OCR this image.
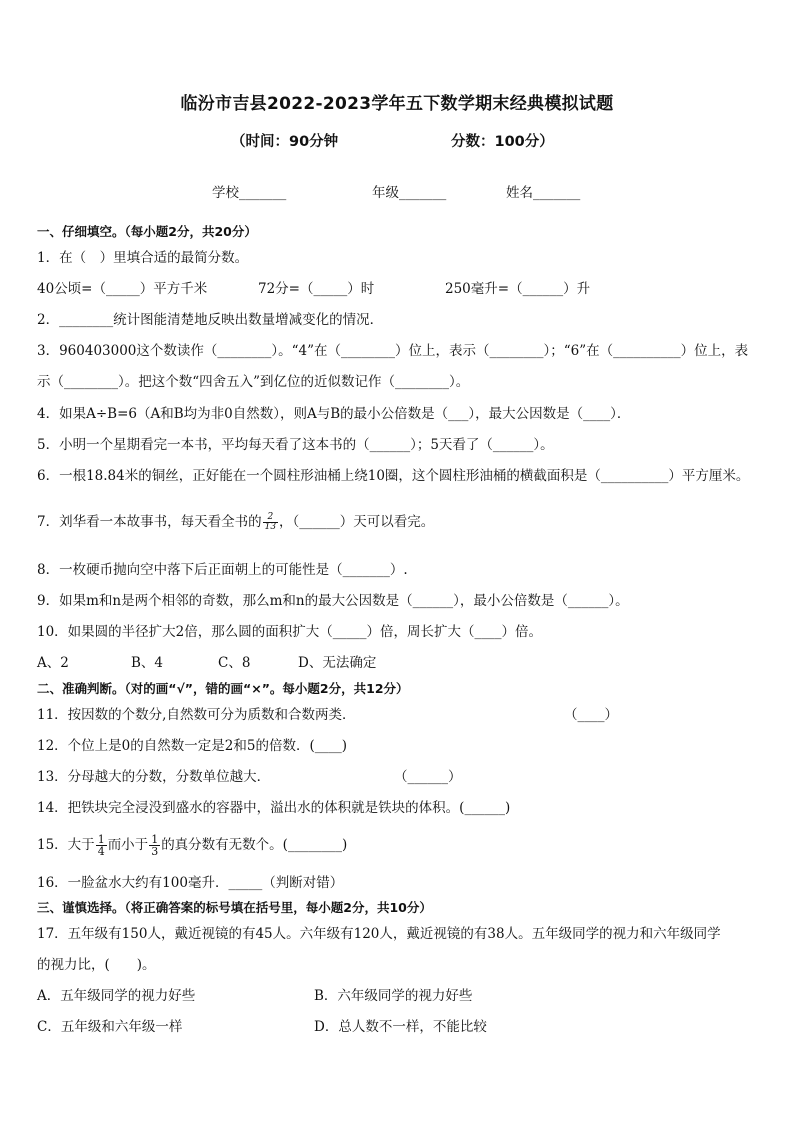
临汾市吉县2022-2023学年五下数学期末经典模拟试题
（时间：90分钟	分数：100分）
学校_______	年级_______	姓名_______
一、仔细填空。（每小题2分，共20分）
1．在（　）里填合适的最简分数。
40公顷=（_____）平方千米	72分=（_____）时	250毫升=（______）升
2．________统计图能清楚地反映出数量增减变化的情况．
3．960403000这个数读作（________）。“4”在（________）位上，表示（________）；“6”在（__________）位上，表
示（________）。把这个数“四舍五入”到亿位的近似数记作（________）。
4．如果A÷B=6（A和B均为非0自然数），则A与B的最小公倍数是（___），最大公因数是（____）．
5．小明一个星期看完一本书，平均每天看了这本书的（______）；5天看了（______）。
6．一根18.84米的铜丝，正好能在一个圆柱形油桶上绕10圈，这个圆柱形油桶的横截面积是（__________）平方厘米。
7．刘华看一本故事书，每天看全书的 $\frac{2}{13}$ ，（______）天可以看完。
8．一枚硬币抛向空中落下后正面朝上的可能性是（_______）.
9．如果m和n是两个相邻的奇数，那么m和n的最大公因数是（______），最小公倍数是（______）。
10．如果圆的半径扩大2倍，那么圆的面积扩大（_____）倍，周长扩大（____）倍。
A、2	B、4	C、8	D、无法确定
二、准确判断。（对的画“√”，错的画“×”。每小题2分，共12分）
11．按因数的个数分,自然数可分为质数和合数两类．	（____）
12．个位上是0的自然数一定是2和5的倍数．(____)
13．分母越大的分数，分数单位越大．	（______）
14．把铁块完全浸没到盛水的容器中，溢出水的体积就是铁块的体积。(______)
15．大于 $\frac{1}{4}$ 而小于 $\frac{1}{3}$ 的真分数有无数个。(________)
16．一脸盆水大约有100毫升．_____（判断对错）
三、谨慎选择。（将正确答案的标号填在括号里，每小题2分，共10分）
17．五年级有150人，戴近视镜的有45人。六年级有120人，戴近视镜的有38人。五年级同学的视力和六年级同学
的视力比，(　　)。
A．五年级同学的视力好些	B．六年级同学的视力好些
C．五年级和六年级一样	D．总人数不一样，不能比较
